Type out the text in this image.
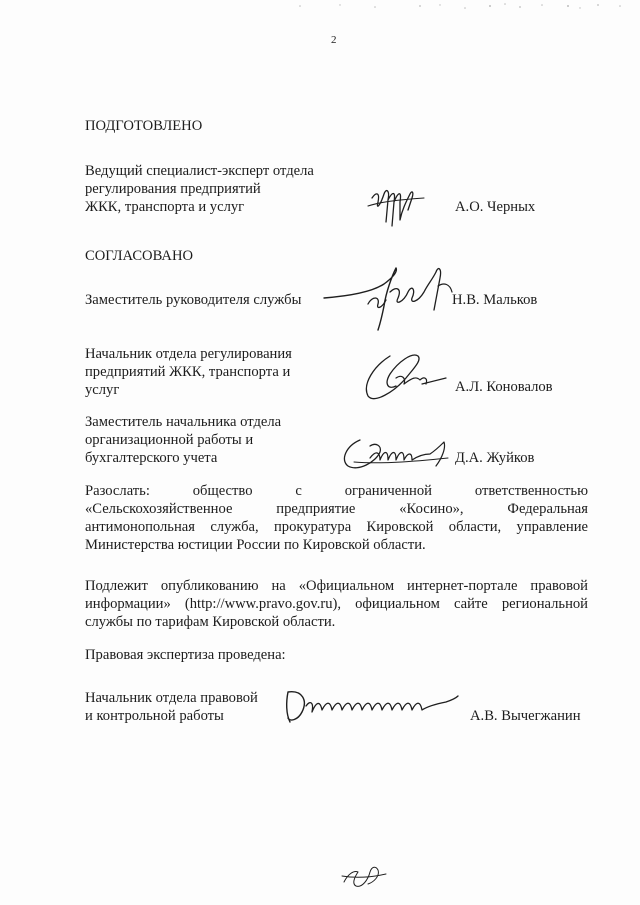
2
ПОДГОТОВЛЕНО
Ведущий специалист-эксперт отдела
регулирования предприятий
ЖКК, транспорта и услуг	А.О. Черных
СОГЛАСОВАНО
Заместитель руководителя службы	Н.В. Мальков
Начальник отдела регулирования
предприятий ЖКК, транспорта и
услуг	А.Л. Коновалов
Заместитель начальника отдела
организационной работы и
бухгалтерского учета	Д.А. Жуйков
Разослать: общество с ограниченной ответственностью
«Сельскохозяйственное предприятие «Косино», Федеральная
антимонопольная служба, прокуратура Кировской области, управление
Министерства юстиции России по Кировской области.
Подлежит опубликованию на «Официальном интернет-портале правовой
информации» (http://www.pravo.gov.ru), официальном сайте региональной
службы по тарифам Кировской области.
Правовая экспертиза проведена:
Начальник отдела правовой
и контрольной работы	А.В. Вычегжанин
